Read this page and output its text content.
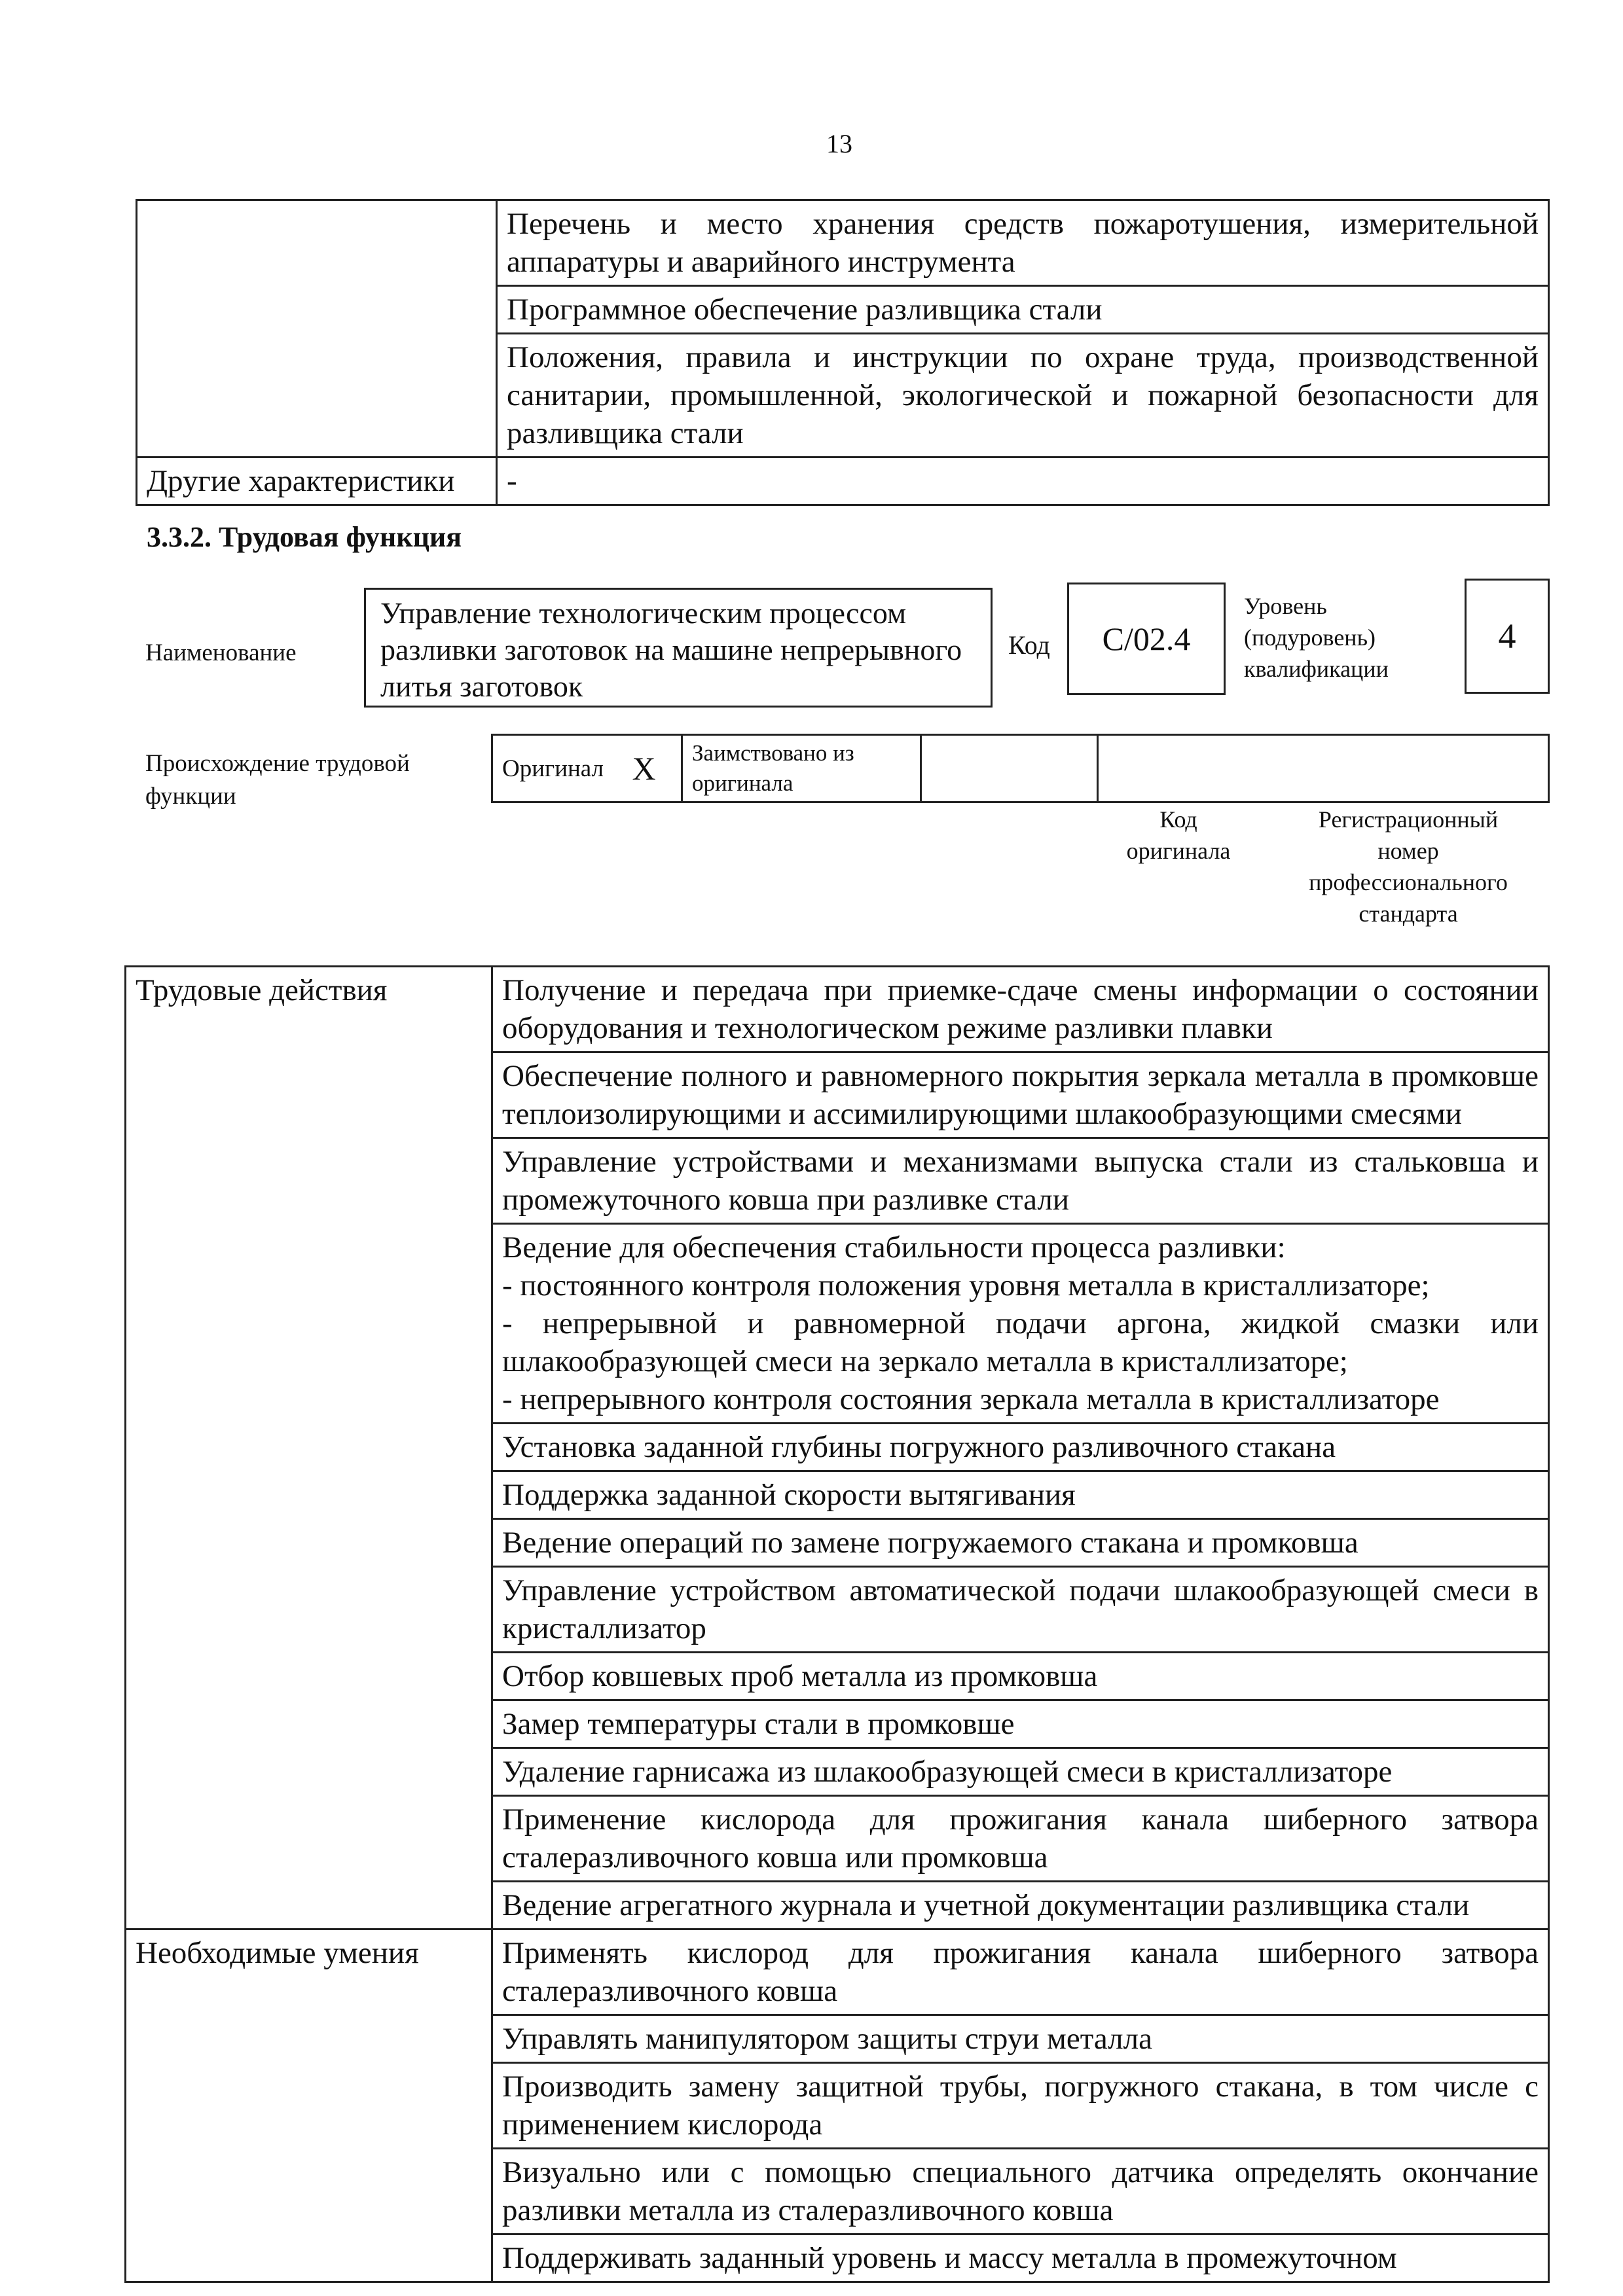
13
	Перечень и место хранения средств пожаротушения, измерительной аппаратуры и аварийного инструмента
	Программное обеспечение разливщика стали
	Положения, правила и инструкции по охране труда, производственной санитарии, промышленной, экологической и пожарной безопасности для разливщика стали
Другие характеристики	-
3.3.2. Трудовая функция
Наименование
Управление технологическим процессом разливки заготовок на машине непрерывного литья заготовок
Код	C/02.4
Уровень
(подуровень)
квалификации
4
Происхождение трудовой функции
Оригинал	X	Заимствовано из оригинала		
Код
оригинала
Регистрационный
номер
профессионального
стандарта
Трудовые действия	Получение и передача при приемке-сдаче смены информации о состоянии оборудования и технологическом режиме разливки плавки
	Обеспечение полного и равномерного покрытия зеркала металла в промковше теплоизолирующими и ассимилирующими шлакообразующими смесями
	Управление устройствами и механизмами выпуска стали из стальковша и промежуточного ковша при разливке стали
	Ведение для обеспечения стабильности процесса разливки:
- постоянного контроля положения уровня металла в кристаллизаторе;
- непрерывной и равномерной подачи аргона, жидкой смазки или шлакообразующей смеси на зеркало металла в кристаллизаторе;
- непрерывного контроля состояния зеркала металла в кристаллизаторе
	Установка заданной глубины погружного разливочного стакана
	Поддержка заданной скорости вытягивания
	Ведение операций по замене погружаемого стакана и промковша
	Управление устройством автоматической подачи шлакообразующей смеси в кристаллизатор
	Отбор ковшевых проб металла из промковша
	Замер температуры стали в промковше
	Удаление гарнисажа из шлакообразующей смеси в кристаллизаторе
	Применение кислорода для прожигания канала шиберного затвора сталеразливочного ковша или промковша
	Ведение агрегатного журнала и учетной документации разливщика стали
Необходимые умения	Применять кислород для прожигания канала шиберного затвора сталеразливочного ковша
	Управлять манипулятором защиты струи металла
	Производить замену защитной трубы, погружного стакана, в том числе с применением кислорода
	Визуально или с помощью специального датчика определять окончание разливки металла из сталеразливочного ковша
	Поддерживать заданный уровень и массу металла в промежуточном
